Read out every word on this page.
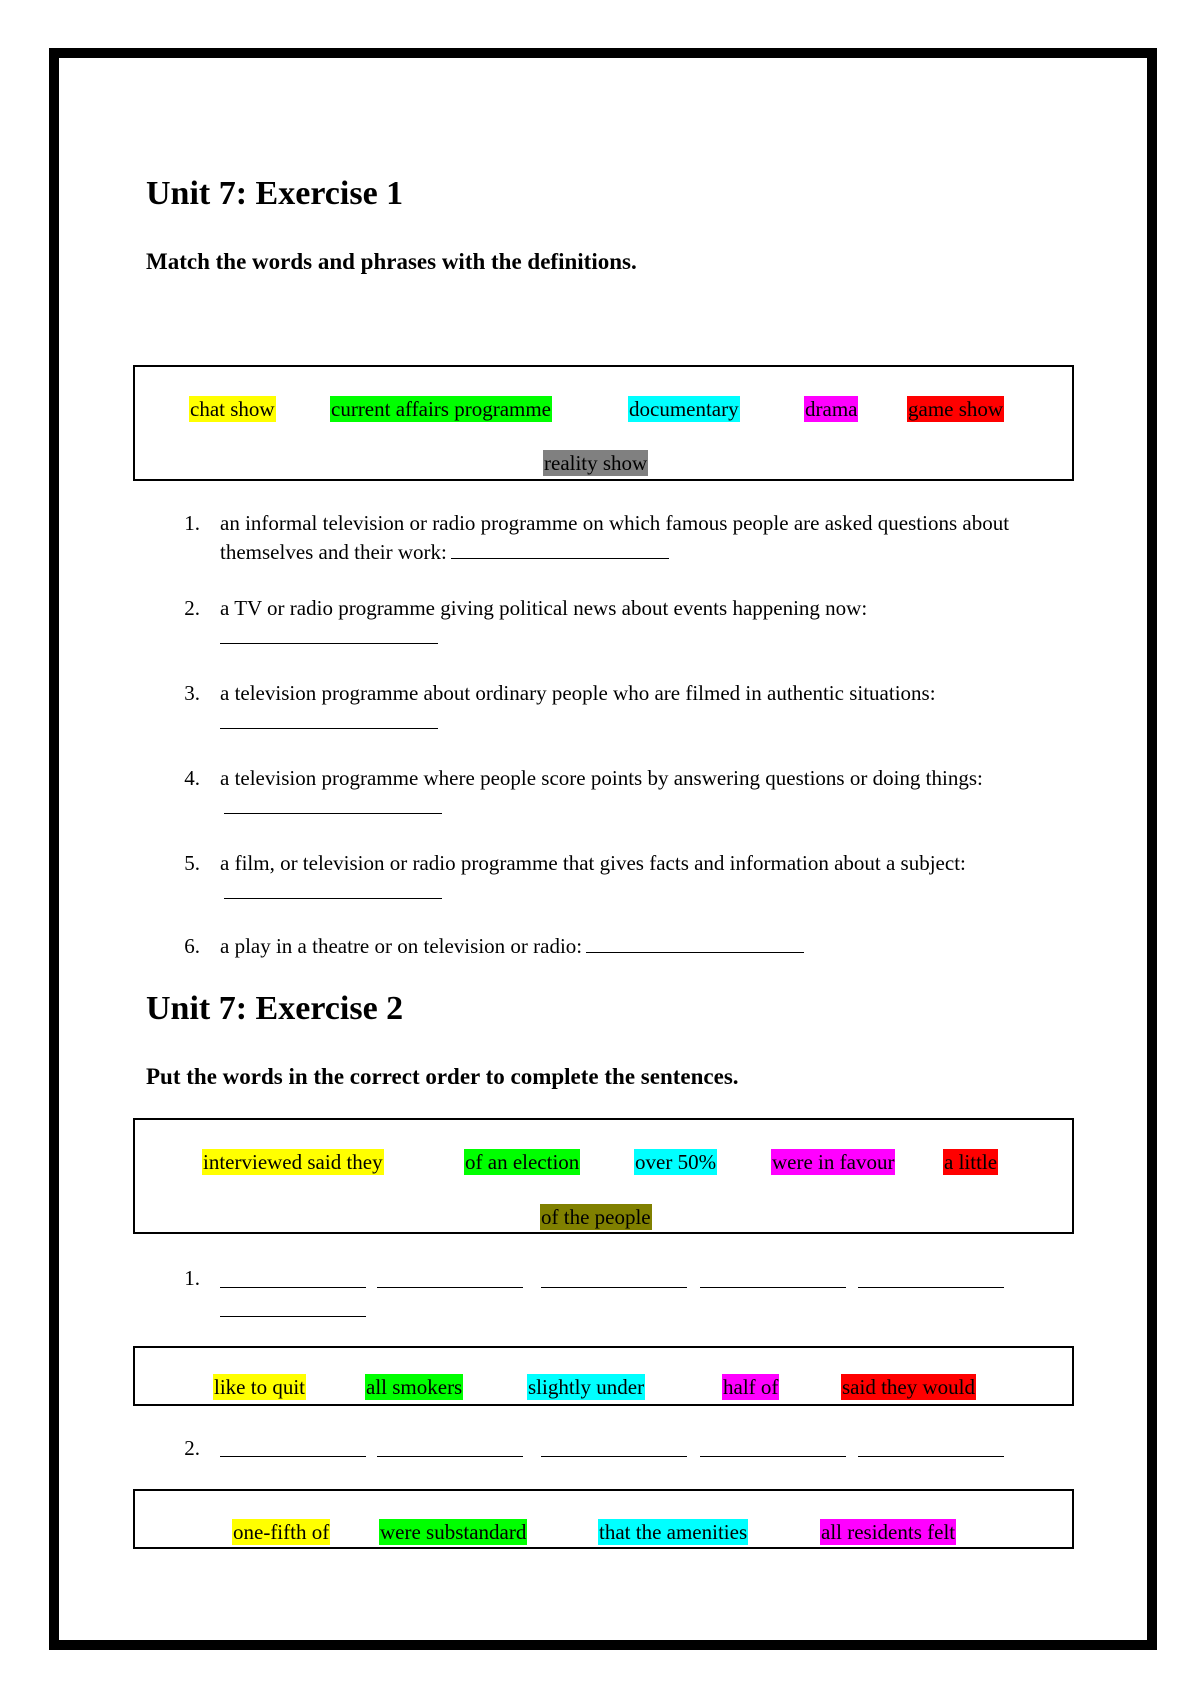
Unit 7: Exercise 1

Match the words and phrases with the definitions.

chat show	current affairs programme	documentary	drama game show
reality show
1. an informal television or radio programme on which famous people are asked questions about themselves and their work:
2. a TV or radio programme giving political news about events happening now:

3. a television programme about ordinary people who are filmed in authentic situations:

4. a television programme where people score points by answering questions or doing things:
5. a film, or television or radio programme that gives facts and information about a subject:
6. a play in a theatre or on television or radio:
Unit 7: Exercise 2

Put the words in the correct order to complete the sentences.

interviewed said they	of an election	over 50%	were in favour a little
of the people
1.
like to quit	all smokers	slightly under	half of	said they would
2.
one-fifth of were substandard	that the amenities	all residents felt
